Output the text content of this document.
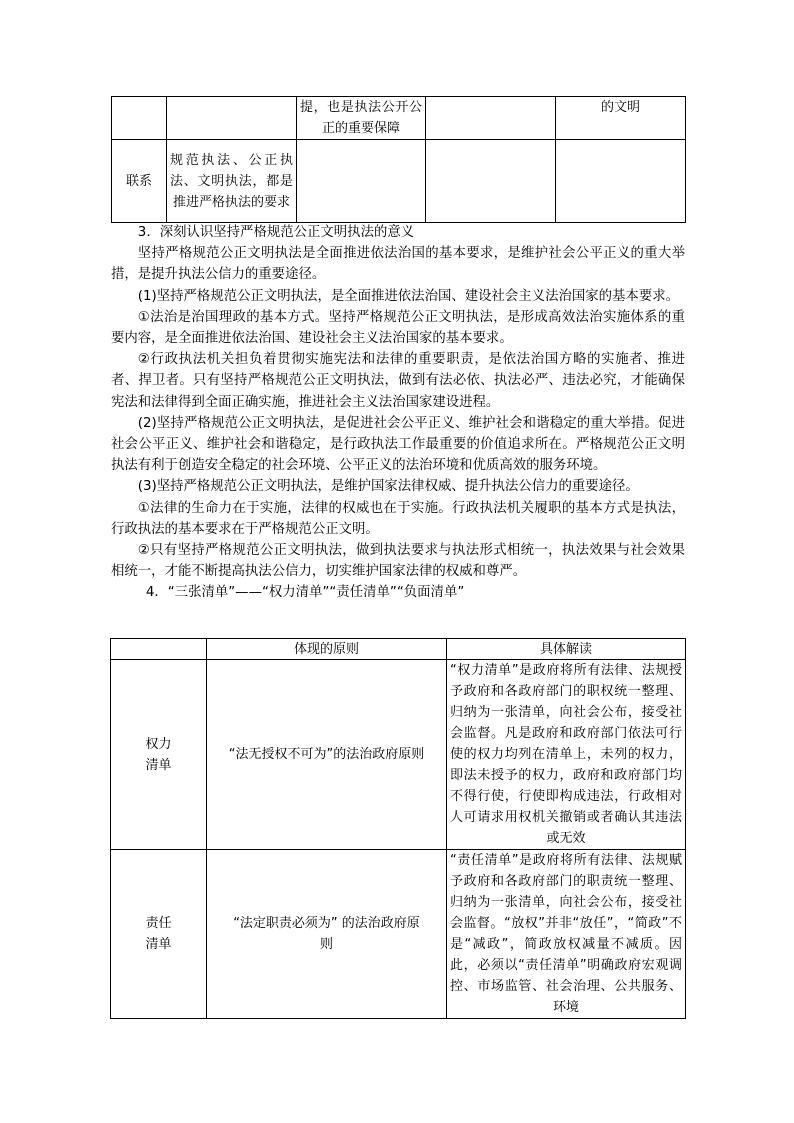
		提，也是执法公开公正的重要保障		的文明
联系	规范执法、公正执法、文明执法，都是推进严格执法的要求			

3．深刻认识坚持严格规范公正文明执法的意义

坚持严格规范公正文明执法是全面推进依法治国的基本要求，是维护社会公平正义的重大举措，是提升执法公信力的重要途径。

(1)坚持严格规范公正文明执法，是全面推进依法治国、建设社会主义法治国家的基本要求。

①法治是治国理政的基本方式。坚持严格规范公正文明执法，是形成高效法治实施体系的重要内容，是全面推进依法治国、建设社会主义法治国家的基本要求。

②行政执法机关担负着贯彻实施宪法和法律的重要职责，是依法治国方略的实施者、推进者、捍卫者。只有坚持严格规范公正文明执法，做到有法必依、执法必严、违法必究，才能确保宪法和法律得到全面正确实施，推进社会主义法治国家建设进程。

(2)坚持严格规范公正文明执法，是促进社会公平正义、维护社会和谐稳定的重大举措。促进社会公平正义、维护社会和谐稳定，是行政执法工作最重要的价值追求所在。严格规范公正文明执法有利于创造安全稳定的社会环境、公平正义的法治环境和优质高效的服务环境。

(3)坚持严格规范公正文明执法，是维护国家法律权威、提升执法公信力的重要途径。

①法律的生命力在于实施，法律的权威也在于实施。行政执法机关履职的基本方式是执法，行政执法的基本要求在于严格规范公正文明。

②只有坚持严格规范公正文明执法，做到执法要求与执法形式相统一，执法效果与社会效果相统一，才能不断提高执法公信力，切实维护国家法律的权威和尊严。

4．“三张清单”——“权力清单”“责任清单”“负面清单”

	体现的原则	具体解读
权力
清单	“法无授权不可为”的法治政府原则	“权力清单”是政府将所有法律、法规授予政府和各政府部门的职权统一整理、归纳为一张清单，向社会公布，接受社会监督。凡是政府和政府部门依法可行使的权力均列在清单上，未列的权力，即法未授予的权力，政府和政府部门均不得行使，行使即构成违法，行政相对人可请求用权机关撤销或者确认其违法或无效
责任
清单	“法定职责必须为” 的法治政府原则	“责任清单”是政府将所有法律、法规赋予政府和各政府部门的职责统一整理、归纳为一张清单，向社会公布，接受社会监督。“放权”并非“放任”，“简政”不是“减政”，简政放权减量不减质。因此，必须以“责任清单”明确政府宏观调控、市场监管、社会治理、公共服务、环境
